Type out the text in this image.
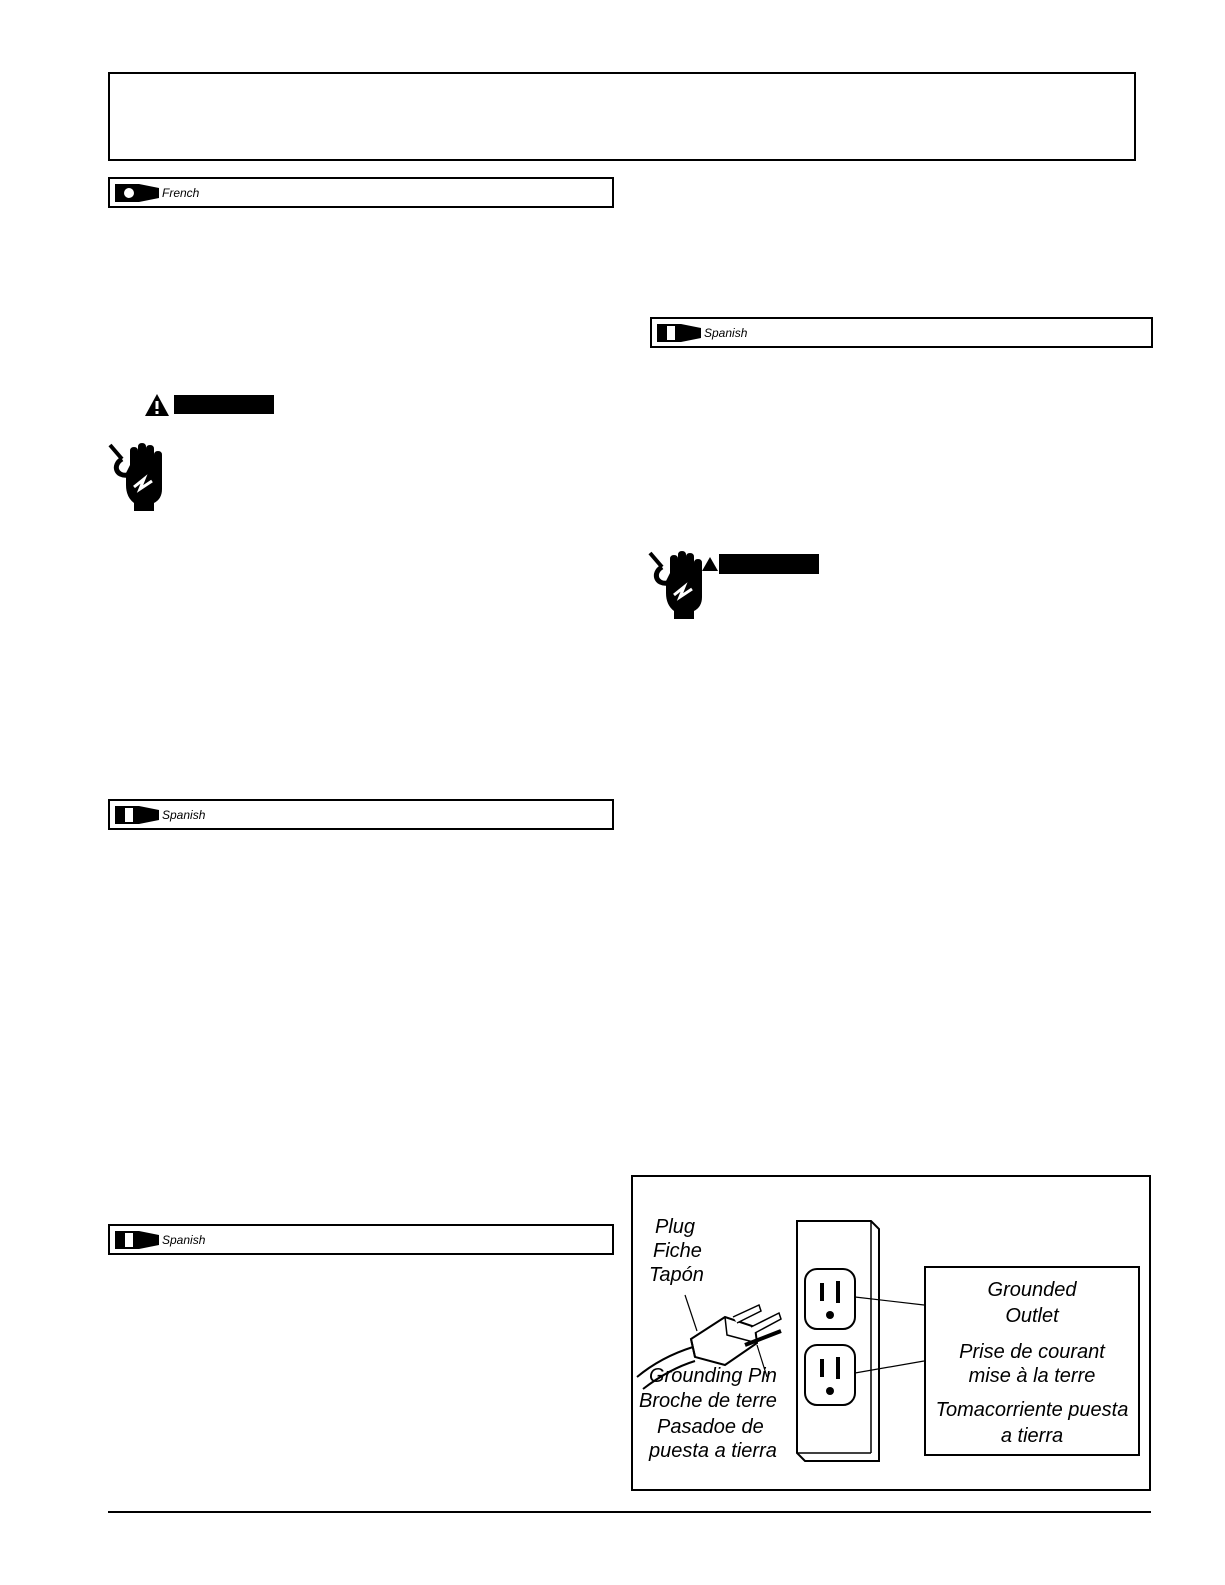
French
Spanish
Spanish
Spanish
Plug
Fiche
Tapón
Grounding Pin
Broche de terre
Pasadoe de
puesta a tierra
Grounded
Outlet
Prise de courant
mise à la terre
Tomacorriente puesta
a tierra
